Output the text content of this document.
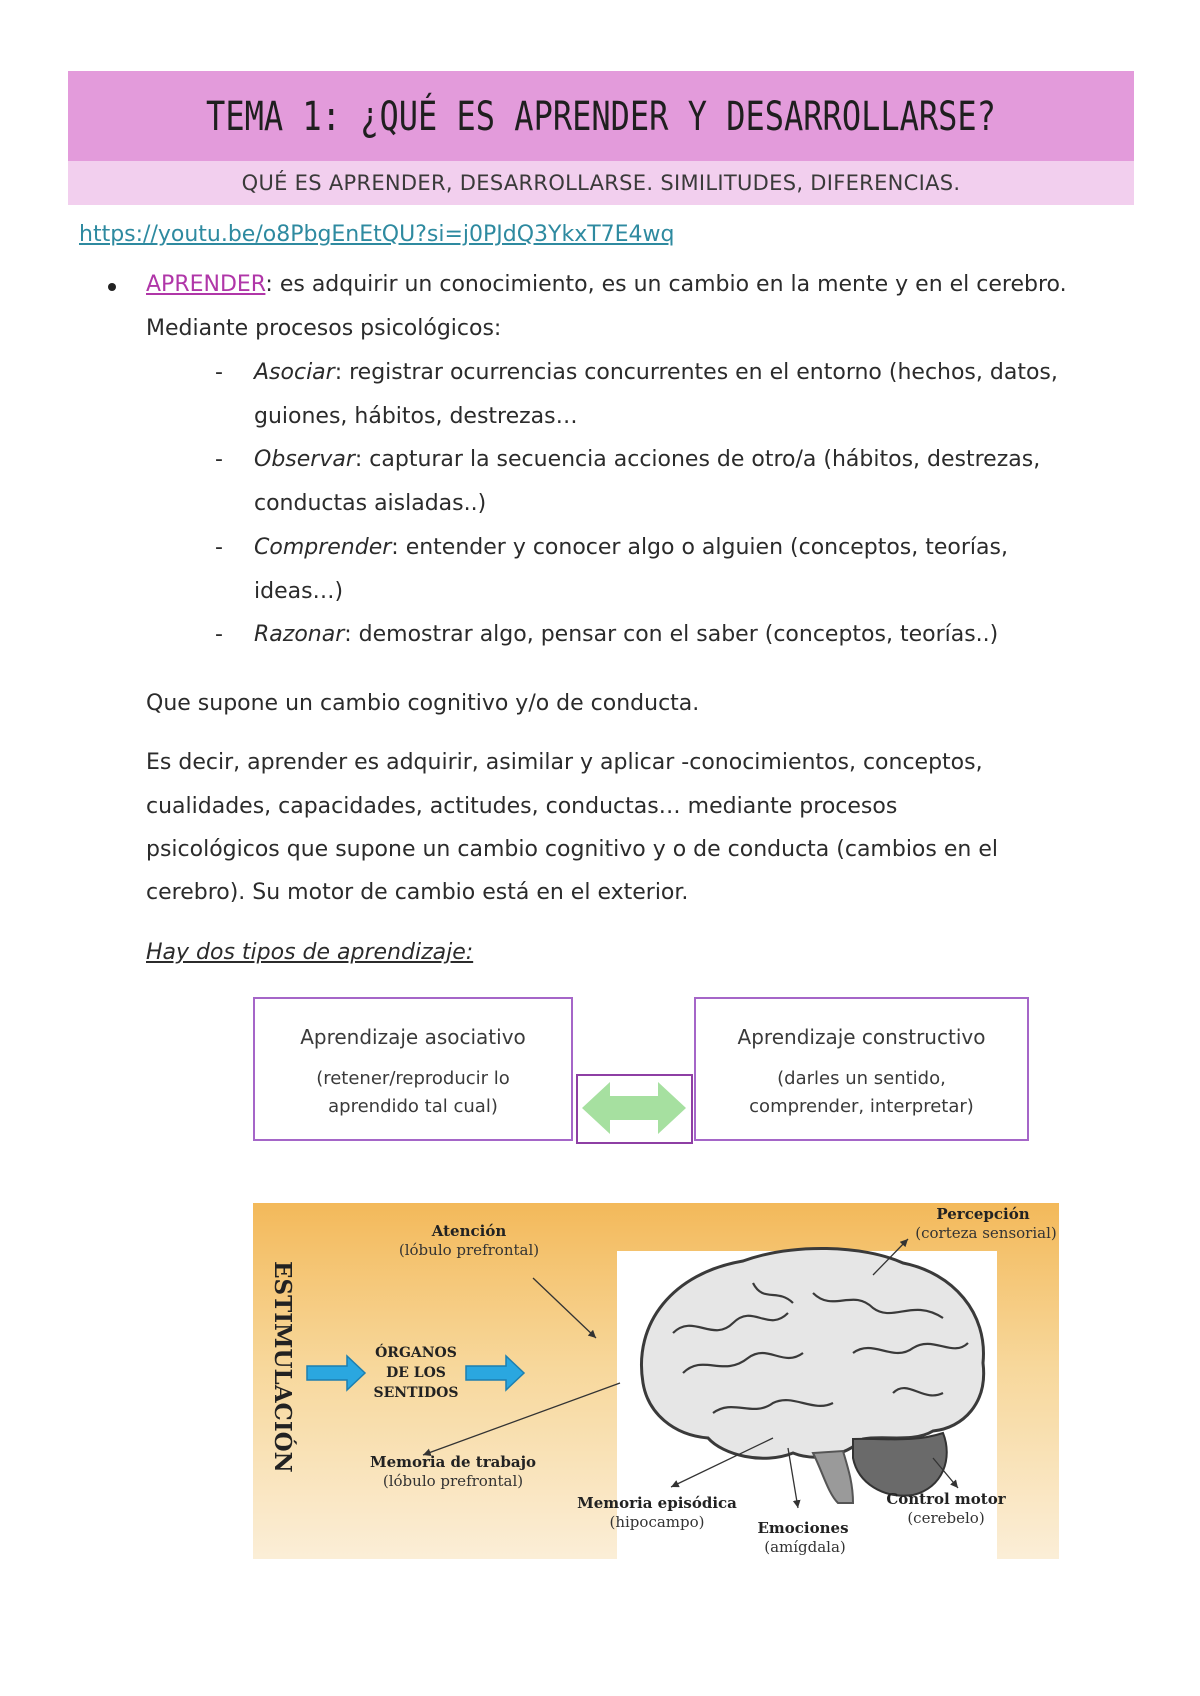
TEMA 1: ¿QUÉ ES APRENDER Y DESARROLLARSE?
QUÉ ES APRENDER, DESARROLLARSE. SIMILITUDES, DIFERENCIAS.
https://youtu.be/o8PbgEnEtQU?si=j0PJdQ3YkxT7E4wq
APRENDER: es adquirir un conocimiento, es un cambio en la mente y en el cerebro.
Mediante procesos psicológicos:
- Asociar: registrar ocurrencias concurrentes en el entorno (hechos, datos,
guiones, hábitos, destrezas…
- Observar: capturar la secuencia acciones de otro/a (hábitos, destrezas,
conductas aisladas..)
- Comprender: entender y conocer algo o alguien (conceptos, teorías,
ideas…)
- Razonar: demostrar algo, pensar con el saber (conceptos, teorías..)
Que supone un cambio cognitivo y/o de conducta.
Es decir, aprender es adquirir, asimilar y aplicar -conocimientos, conceptos,
cualidades, capacidades, actitudes, conductas… mediante procesos
psicológicos que supone un cambio cognitivo y o de conducta (cambios en el
cerebro). Su motor de cambio está en el exterior.
Hay dos tipos de aprendizaje:
Aprendizaje asociativo
(retener/reproducir lo
aprendido tal cual)
Aprendizaje constructivo
(darles un sentido,
comprender, interpretar)
ESTIMULACIÓN	ÓRGANOS
DE LOS
SENTIDOS
Atención
(lóbulo prefrontal)
Percepción
(corteza sensorial)
Memoria de trabajo
(lóbulo prefrontal)
Memoria episódica
(hipocampo)	Emociones
(amígdala)
Control motor
(cerebelo)
